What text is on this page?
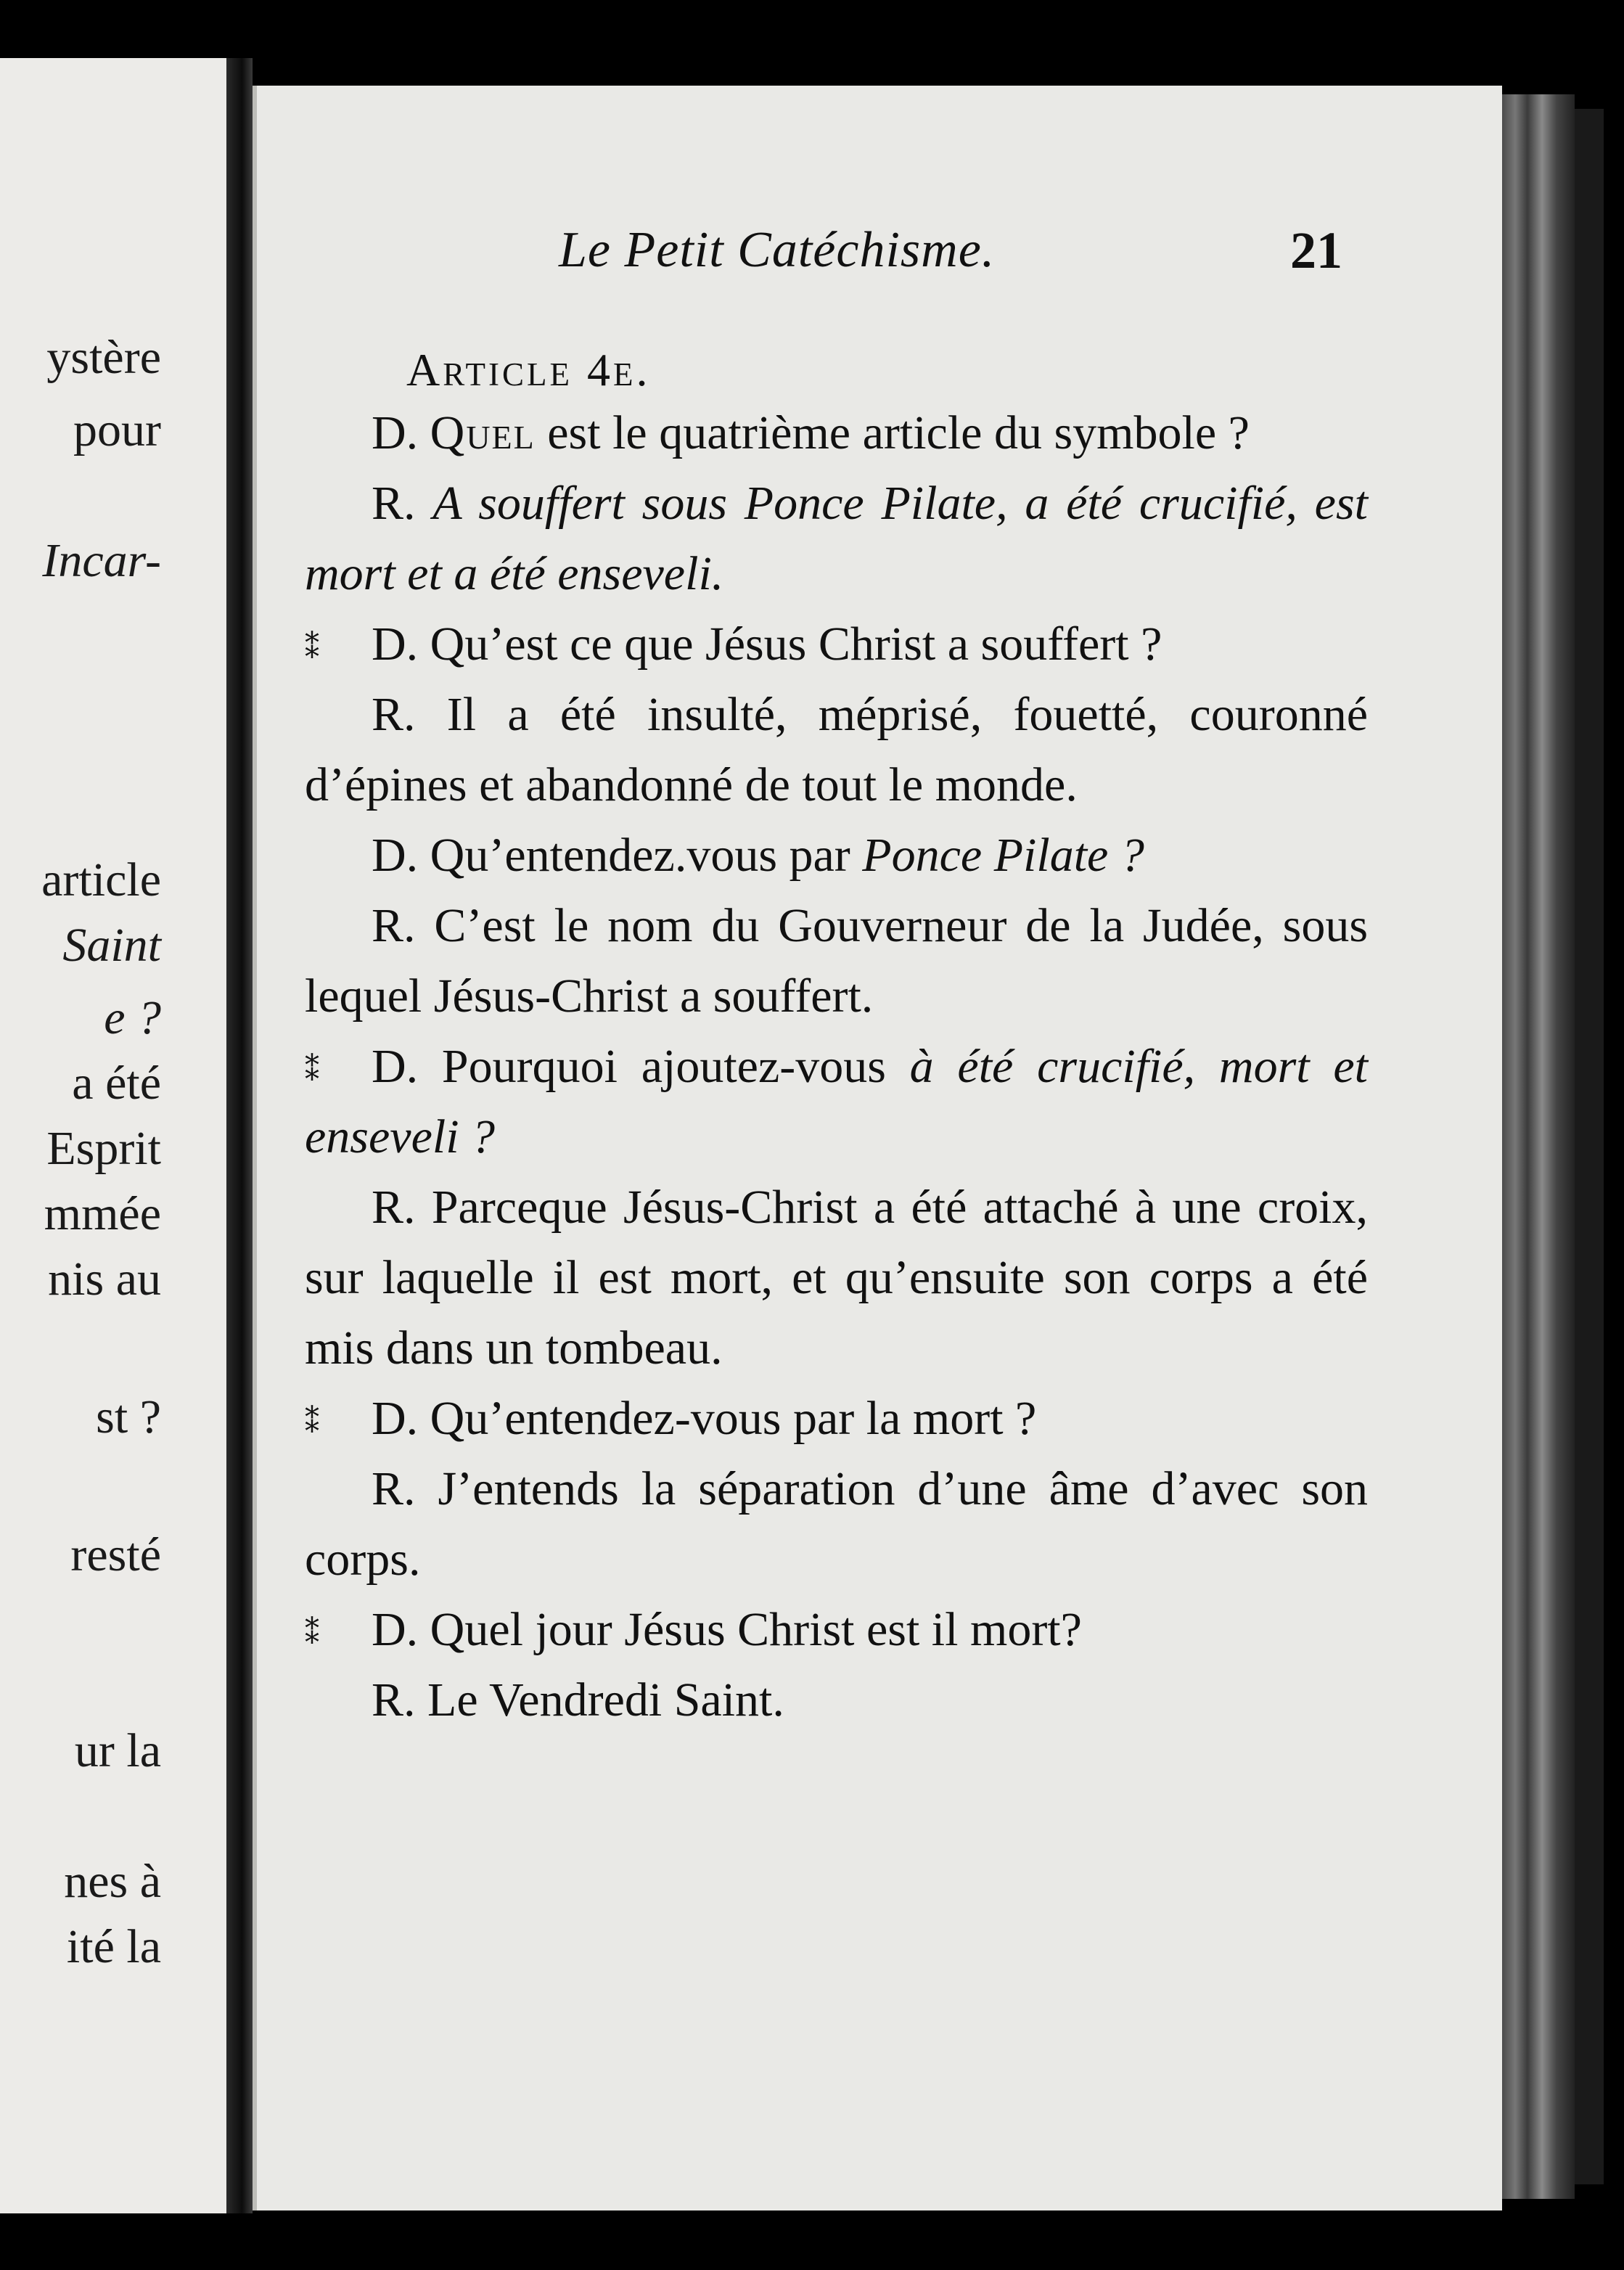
ystère
pour
Incar-
article
Saint
e ?
a été
Esprit
mmée
nis au
st ?
resté
ur la
nes à
ité la
Le Petit Catéchisme.	21
Article 4e.

D. Quel est le quatrième article du symbole ?

R. A souffert sous Ponce Pilate, a été crucifié, est mort et a été enseveli.

⁑ D. Qu’est ce que Jésus Christ a souffert ?

R. Il a été insulté, méprisé, fouetté, couronné d’épines et abandonné de tout le monde.

D. Qu’entendez.vous par Ponce Pilate ?

R. C’est le nom du Gouverneur de la Judée, sous lequel Jésus-Christ a souffert.

⁑ D. Pourquoi ajoutez-vous à été crucifié, mort et enseveli ?

R. Parceque Jésus-Christ a été attaché à une croix, sur laquelle il est mort, et qu’ensuite son corps a été mis dans un tombeau.

⁑ D. Qu’entendez-vous par la mort ?

R. J’entends la séparation d’une âme d’avec son corps.

⁑ D. Quel jour Jésus Christ est il mort?

R. Le Vendredi Saint.
